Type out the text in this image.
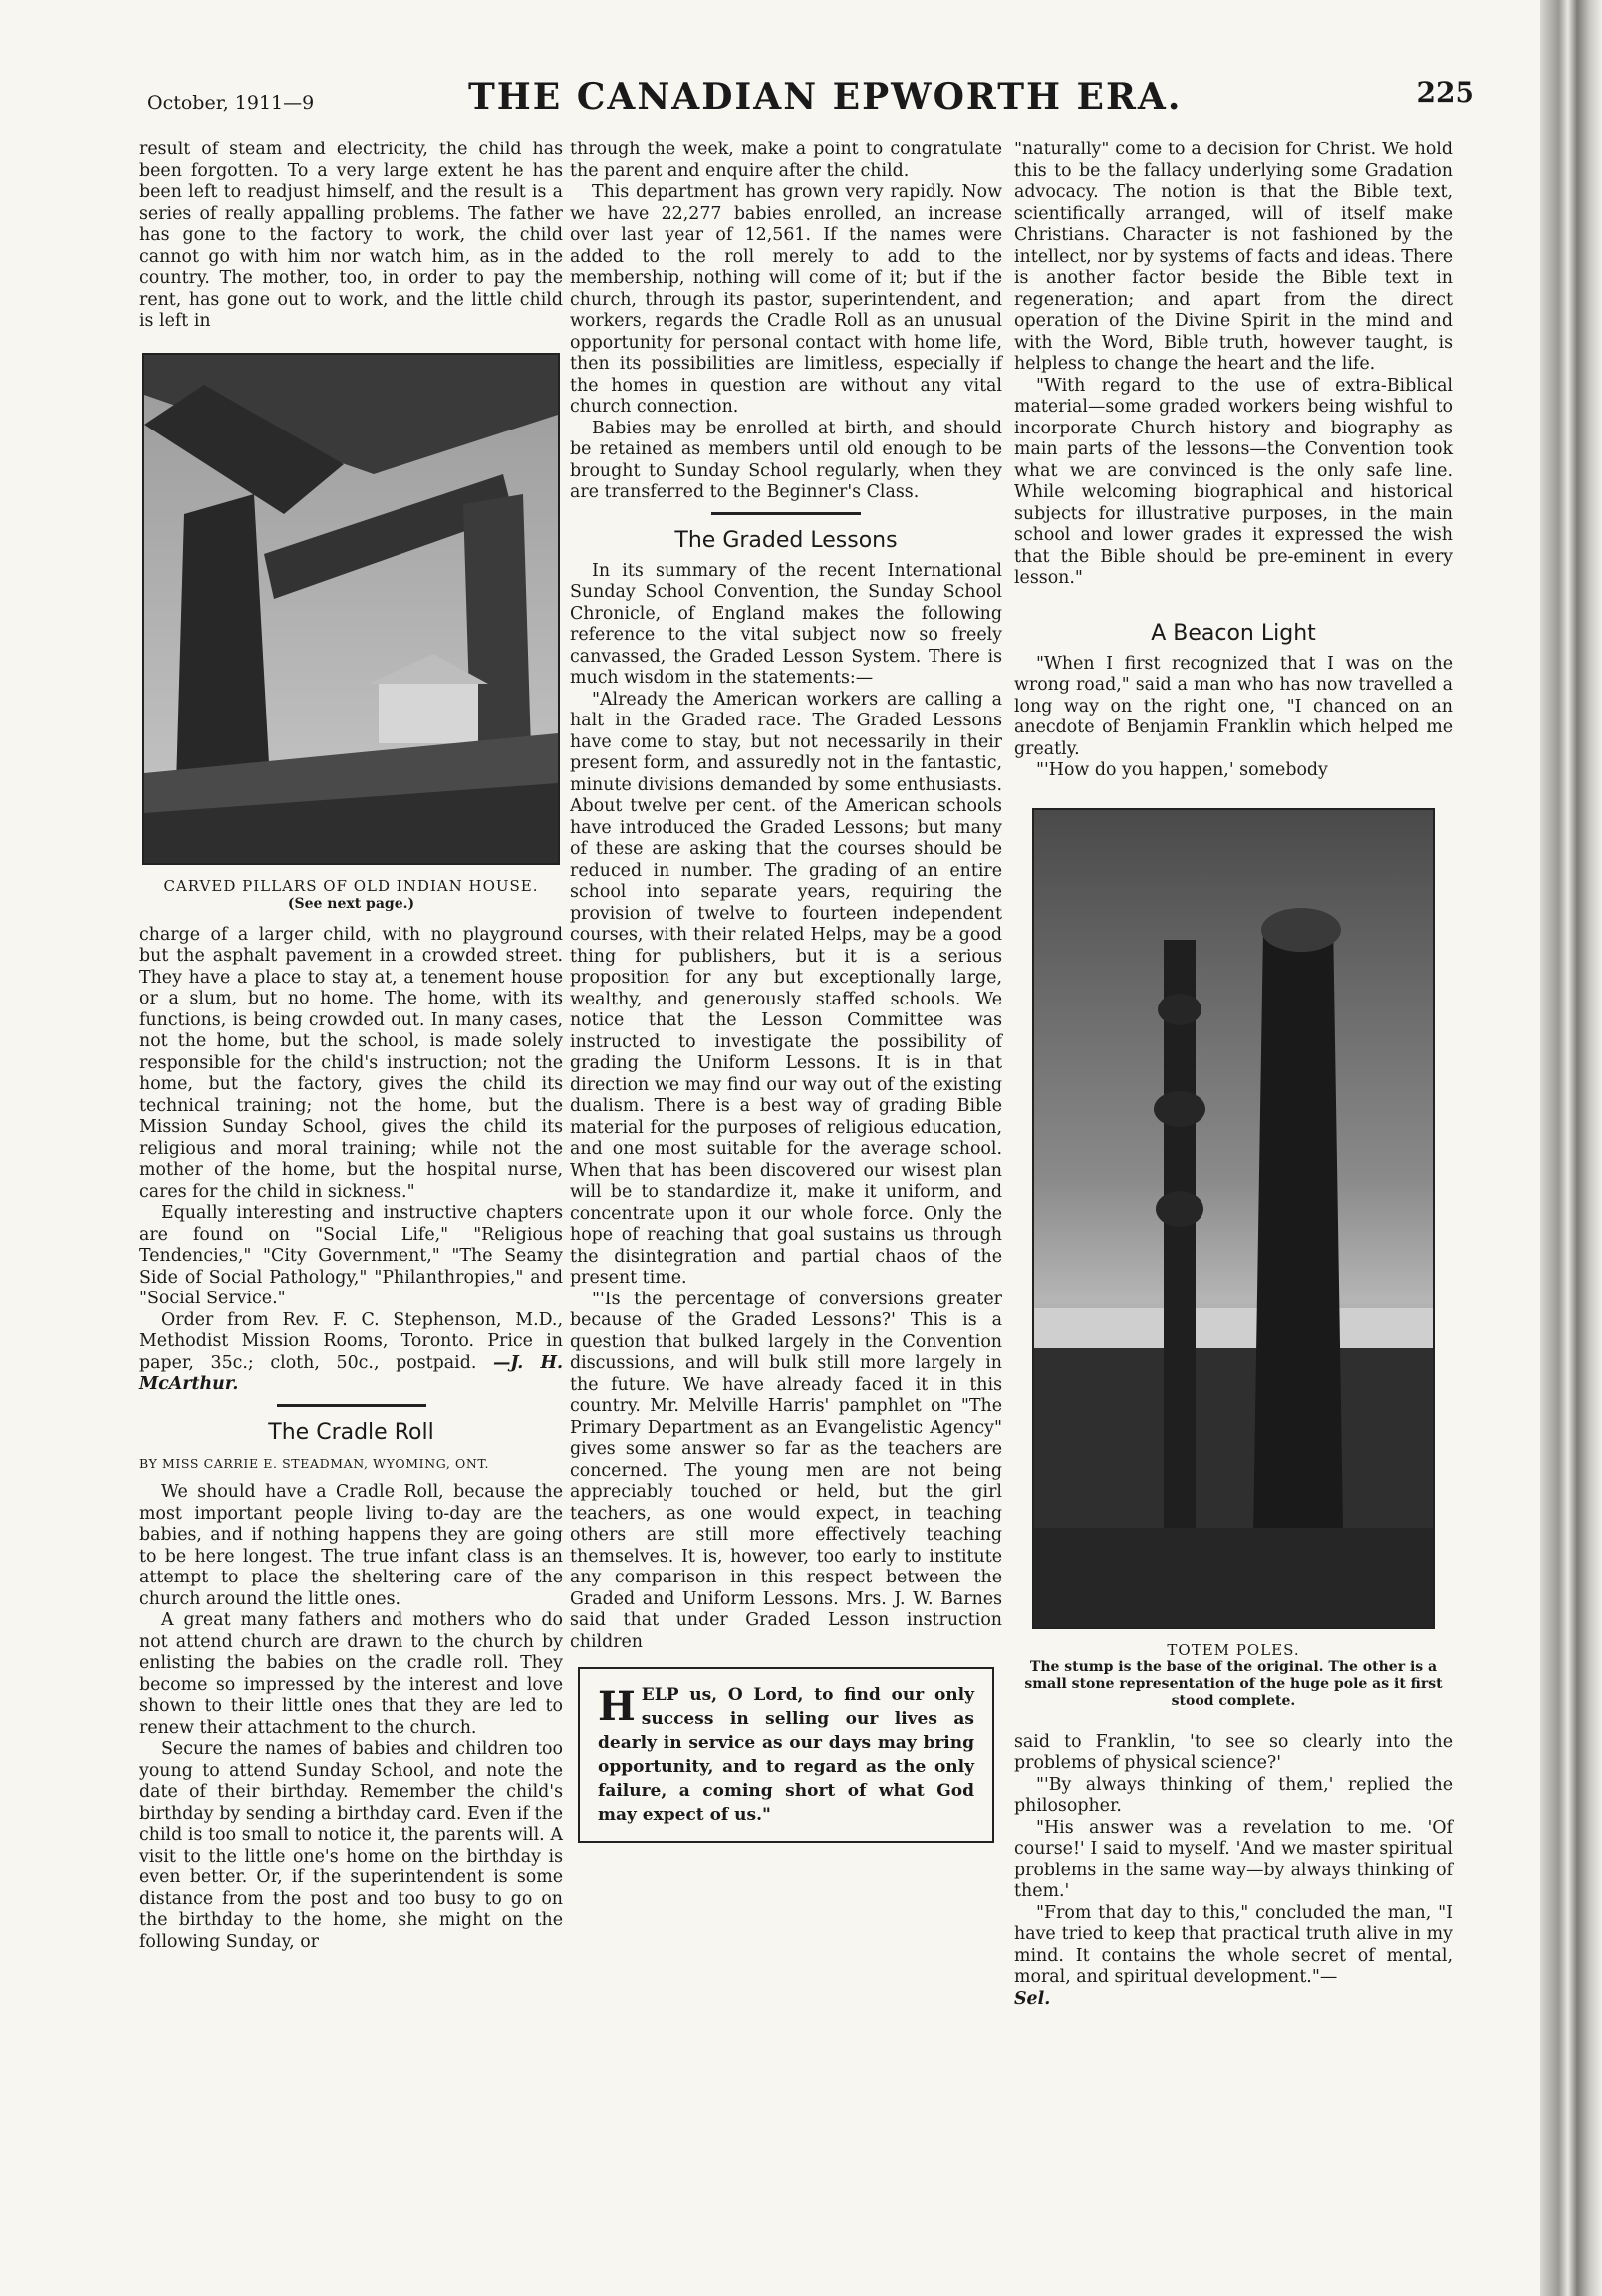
October, 1911—9	THE CANADIAN EPWORTH ERA.	225

result of steam and electricity, the child has been forgotten. To a very large extent he has been left to readjust himself, and the result is a series of really appalling problems. The father has gone to the factory to work, the child cannot go with him nor watch him, as in the country. The mother, too, in order to pay the rent, has gone out to work, and the little child is left in

CARVED PILLARS OF OLD INDIAN HOUSE.
(See next page.)

charge of a larger child, with no playground but the asphalt pavement in a crowded street. They have a place to stay at, a tenement house or a slum, but no home. The home, with its functions, is being crowded out. In many cases, not the home, but the school, is made solely responsible for the child's instruction; not the home, but the factory, gives the child its technical training; not the home, but the Mission Sunday School, gives the child its religious and moral training; while not the mother of the home, but the hospital nurse, cares for the child in sickness."

Equally interesting and instructive chapters are found on "Social Life," "Religious Tendencies," "City Government," "The Seamy Side of Social Pathology," "Philanthropies," and "Social Service."

Order from Rev. F. C. Stephenson, M.D., Methodist Mission Rooms, Toronto. Price in paper, 35c.; cloth, 50c., postpaid. —J. H. McArthur.

The Cradle Roll
BY MISS CARRIE E. STEADMAN, WYOMING, ONT.

We should have a Cradle Roll, because the most important people living to-day are the babies, and if nothing happens they are going to be here longest. The true infant class is an attempt to place the sheltering care of the church around the little ones.

A great many fathers and mothers who do not attend church are drawn to the church by enlisting the babies on the cradle roll. They become so impressed by the interest and love shown to their little ones that they are led to renew their attachment to the church.

Secure the names of babies and children too young to attend Sunday School, and note the date of their birthday. Remember the child's birthday by sending a birthday card. Even if the child is too small to notice it, the parents will. A visit to the little one's home on the birthday is even better. Or, if the superintendent is some distance from the post and too busy to go on the birthday to the home, she might on the following Sunday, or

through the week, make a point to congratulate the parent and enquire after the child.

This department has grown very rapidly. Now we have 22,277 babies enrolled, an increase over last year of 12,561. If the names were added to the roll merely to add to the membership, nothing will come of it; but if the church, through its pastor, superintendent, and workers, regards the Cradle Roll as an unusual opportunity for personal contact with home life, then its possibilities are limitless, especially if the homes in question are without any vital church connection.

Babies may be enrolled at birth, and should be retained as members until old enough to be brought to Sunday School regularly, when they are transferred to the Beginner's Class.

The Graded Lessons

In its summary of the recent International Sunday School Convention, the Sunday School Chronicle, of England makes the following reference to the vital subject now so freely canvassed, the Graded Lesson System. There is much wisdom in the statements:—

"Already the American workers are calling a halt in the Graded race. The Graded Lessons have come to stay, but not necessarily in their present form, and assuredly not in the fantastic, minute divisions demanded by some enthusiasts. About twelve per cent. of the American schools have introduced the Graded Lessons; but many of these are asking that the courses should be reduced in number. The grading of an entire school into separate years, requiring the provision of twelve to fourteen independent courses, with their related Helps, may be a good thing for publishers, but it is a serious proposition for any but exceptionally large, wealthy, and generously staffed schools. We notice that the Lesson Committee was instructed to investigate the possibility of grading the Uniform Lessons. It is in that direction we may find our way out of the existing dualism. There is a best way of grading Bible material for the purposes of religious education, and one most suitable for the average school. When that has been discovered our wisest plan will be to standardize it, make it uniform, and concentrate upon it our whole force. Only the hope of reaching that goal sustains us through the disintegration and partial chaos of the present time.

"'Is the percentage of conversions greater because of the Graded Lessons?' This is a question that bulked largely in the Convention discussions, and will bulk still more largely in the future. We have already faced it in this country. Mr. Melville Harris' pamphlet on "The Primary Department as an Evangelistic Agency" gives some answer so far as the teachers are concerned. The young men are not being appreciably touched or held, but the girl teachers, as one would expect, in teaching others are still more effectively teaching themselves. It is, however, too early to institute any comparison in this respect between the Graded and Uniform Lessons. Mrs. J. W. Barnes said that under Graded Lesson instruction children

H ELP us, O Lord, to find our only success in selling our lives as dearly in service as our days may bring opportunity, and to regard as the only failure, a coming short of what God may expect of us."

"naturally" come to a decision for Christ. We hold this to be the fallacy underlying some Gradation advocacy. The notion is that the Bible text, scientifically arranged, will of itself make Christians. Character is not fashioned by the intellect, nor by systems of facts and ideas. There is another factor beside the Bible text in regeneration; and apart from the direct operation of the Divine Spirit in the mind and with the Word, Bible truth, however taught, is helpless to change the heart and the life.

"With regard to the use of extra-Biblical material—some graded workers being wishful to incorporate Church history and biography as main parts of the lessons—the Convention took what we are convinced is the only safe line. While welcoming biographical and historical subjects for illustrative purposes, in the main school and lower grades it expressed the wish that the Bible should be pre-eminent in every lesson."

A Beacon Light

"When I first recognized that I was on the wrong road," said a man who has now travelled a long way on the right one, "I chanced on an anecdote of Benjamin Franklin which helped me greatly.

"'How do you happen,' somebody

TOTEM POLES.
The stump is the base of the original. The other is a small stone representation of the huge pole as it first stood complete.

said to Franklin, 'to see so clearly into the problems of physical science?'

"'By always thinking of them,' replied the philosopher.

"His answer was a revelation to me. 'Of course!' I said to myself. 'And we master spiritual problems in the same way—by always thinking of them.'

"From that day to this," concluded the man, "I have tried to keep that practical truth alive in my mind. It contains the whole secret of mental, moral, and spiritual development."—
Sel.
